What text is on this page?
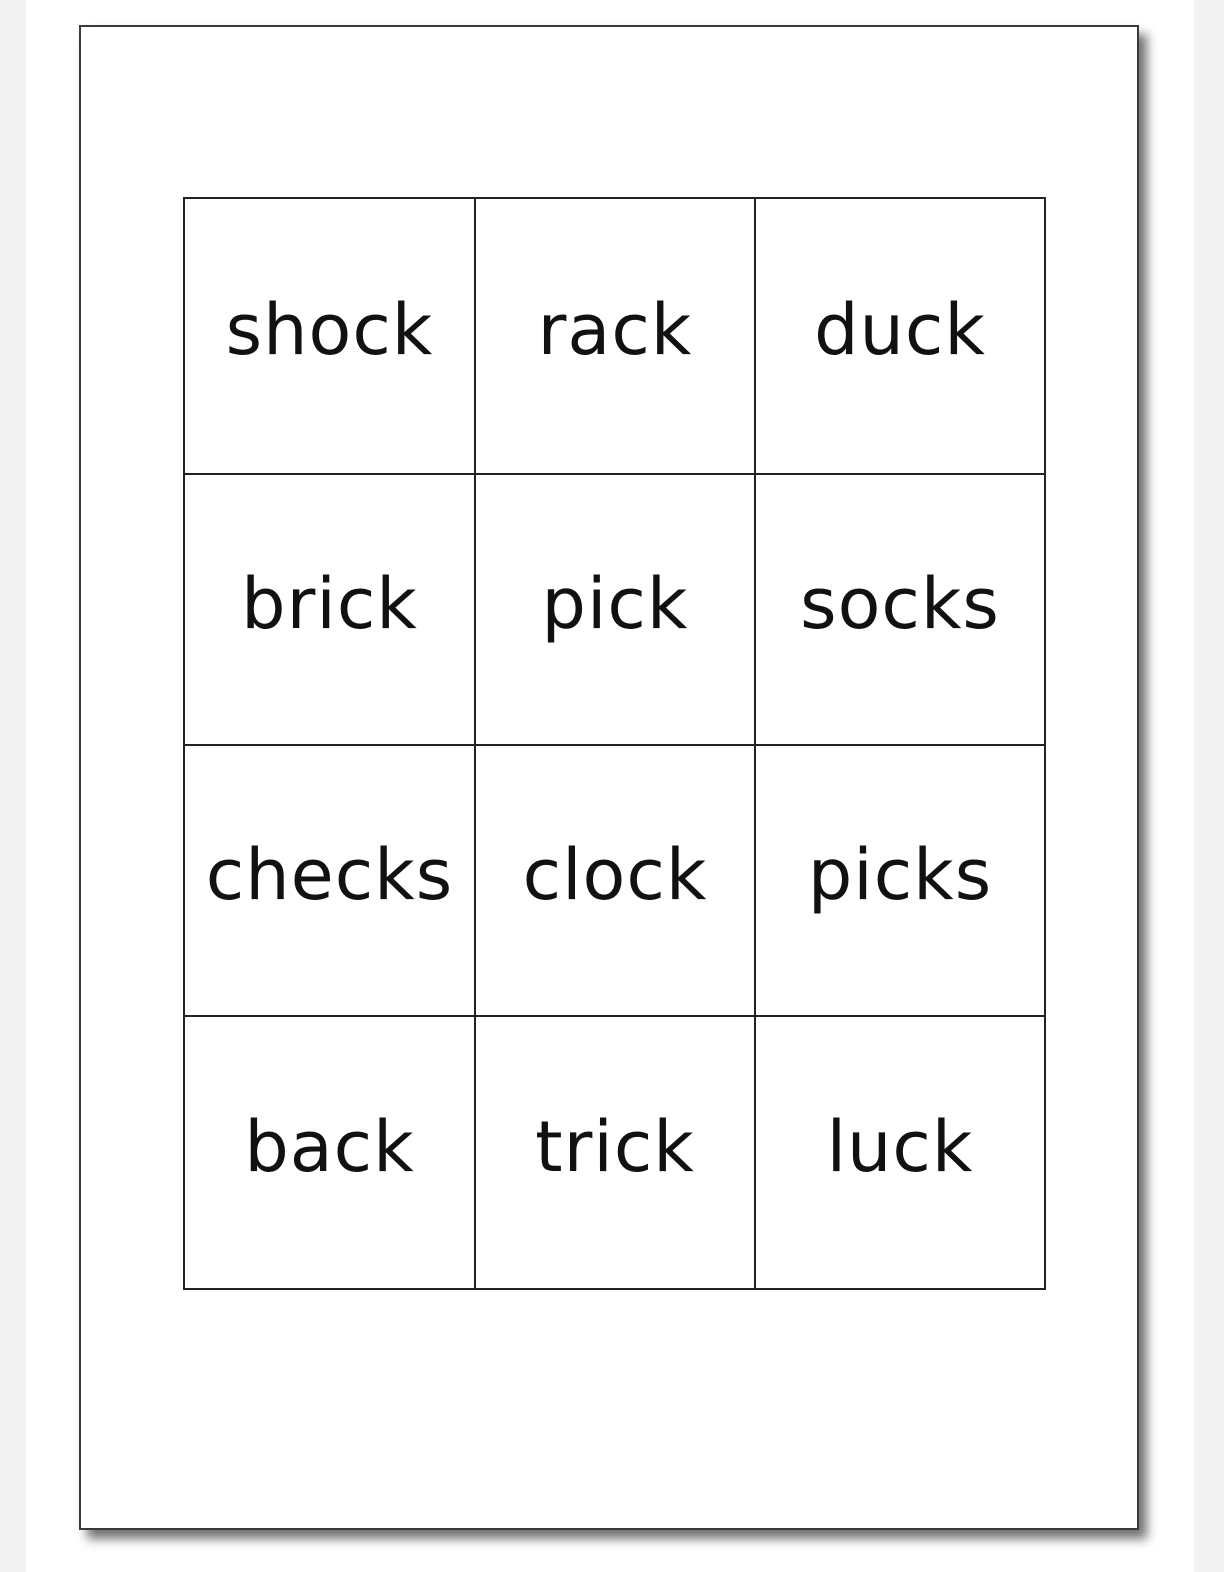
shock rack duck
brick pick socks
checks clock picks
back trick luck
